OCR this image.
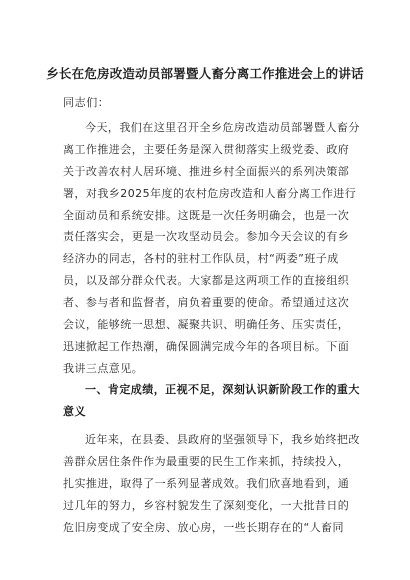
乡长在危房改造动员部署暨人畜分离工作推进会上的讲话
同志们：
今天，我们在这里召开全乡危房改造动员部署暨人畜分
离工作推进会，主要任务是深入贯彻落实上级党委、政府
关于改善农村人居环境、推进乡村全面振兴的系列决策部
署，对我乡2025年度的农村危房改造和人畜分离工作进行
全面动员和系统安排。这既是一次任务明确会，也是一次
责任落实会，更是一次攻坚动员会。参加今天会议的有乡
经济办的同志，各村的驻村工作队员，村“两委”班子成
员，以及部分群众代表。大家都是这两项工作的直接组织
者、参与者和监督者，肩负着重要的使命。希望通过这次
会议，能够统一思想、凝聚共识、明确任务、压实责任，
迅速掀起工作热潮，确保圆满完成今年的各项目标。下面
我讲三点意见。
一、肯定成绩，正视不足，深刻认识新阶段工作的重大
意义
近年来，在县委、县政府的坚强领导下，我乡始终把改
善群众居住条件作为最重要的民生工作来抓，持续投入，
扎实推进，取得了一系列显著成效。我们欣喜地看到，通
过几年的努力，乡容村貌发生了深刻变化，一大批昔日的
危旧房变成了安全房、放心房，一些长期存在的“人畜同
